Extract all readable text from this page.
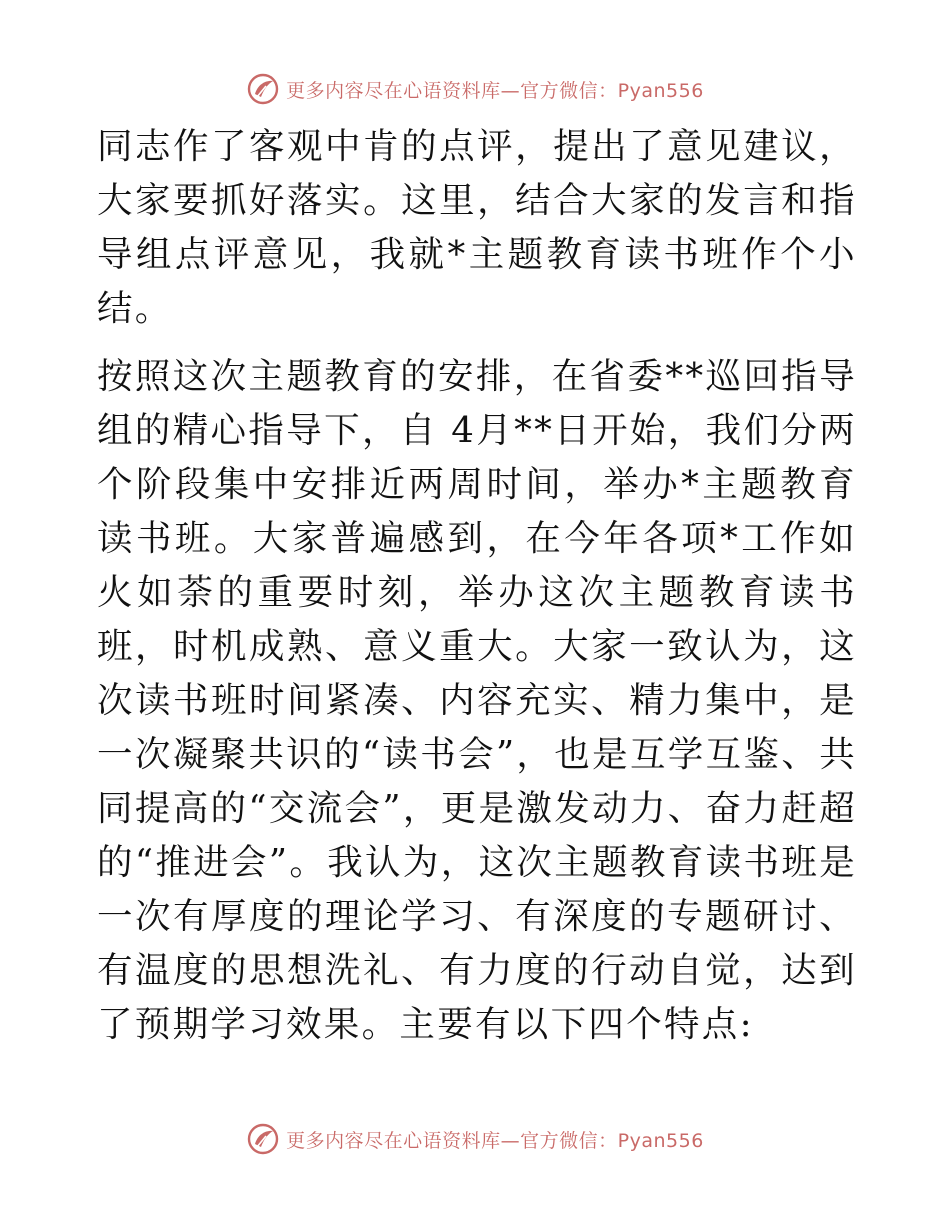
更多内容尽在心语资料库—官方微信：Pyan556

同志作了客观中肯的点评，提出了意见建议，大家要抓好落实。这里，结合大家的发言和指导组点评意见，我就*主题教育读书班作个小结。

按照这次主题教育的安排，在省委**巡回指导组的精心指导下，自 4月**日开始，我们分两个阶段集中安排近两周时间，举办*主题教育读书班。大家普遍感到，在今年各项*工作如火如荼的重要时刻，举办这次主题教育读书班，时机成熟、意义重大。大家一致认为，这次读书班时间紧凑、内容充实、精力集中，是一次凝聚共识的“读书会”，也是互学互鉴、共同提高的“交流会”，更是激发动力、奋力赶超的“推进会”。我认为，这次主题教育读书班是一次有厚度的理论学习、有深度的专题研讨、有温度的思想洗礼、有力度的行动自觉，达到了预期学习效果。主要有以下四个特点:

更多内容尽在心语资料库—官方微信：Pyan556
